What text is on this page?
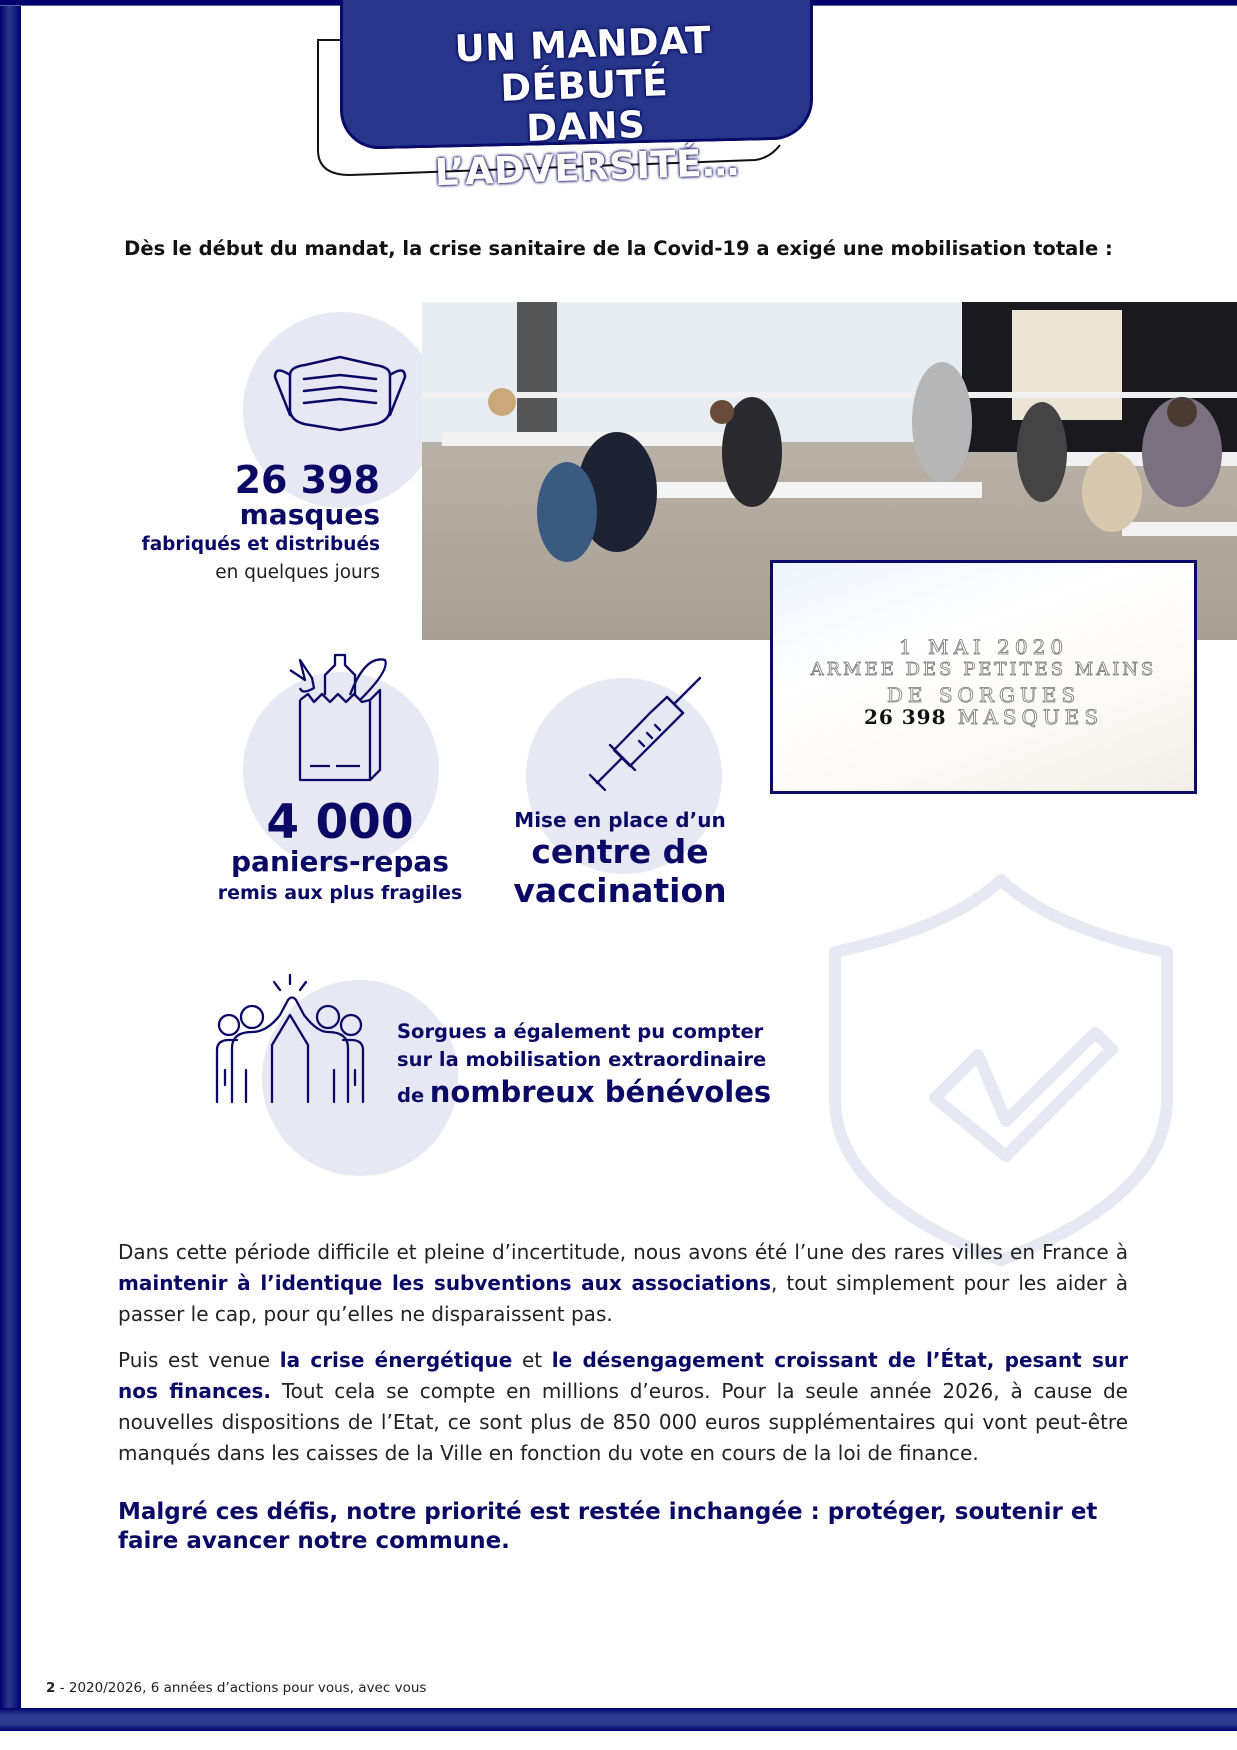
UN MANDAT DÉBUTÉ
DANS L’ADVERSITÉ…
Dès le début du mandat, la crise sanitaire de la Covid-19 a exigé une mobilisation totale :
26 398
masques
fabriqués et distribués
en quelques jours
1 MAI 2020
ARMEE DES PETITES MAINS
DE SORGUES
26 398 MASQUES
4 000
paniers-repas
remis aux plus fragiles
Mise en place d’un
centre de
vaccination
Sorgues a également pu compter
sur la mobilisation extraordinaire
de nombreux bénévoles
Dans cette période difficile et pleine d’incertitude, nous avons été l’une des rares villes en France à maintenir à l’identique les subventions aux associations, tout simplement pour les aider à passer le cap, pour qu’elles ne disparaissent pas.
Puis est venue la crise énergétique et le désengagement croissant de l’État, pesant sur nos finances. Tout cela se compte en millions d’euros. Pour la seule année 2026, à cause de nouvelles dispositions de l’Etat, ce sont plus de 850 000 euros supplémentaires qui vont peut-être manqués dans les caisses de la Ville en fonction du vote en cours de la loi de finance.
Malgré ces défis, notre priorité est restée inchangée : protéger, soutenir et faire avancer notre commune.
2 - 2020/2026, 6 années d’actions pour vous, avec vous
